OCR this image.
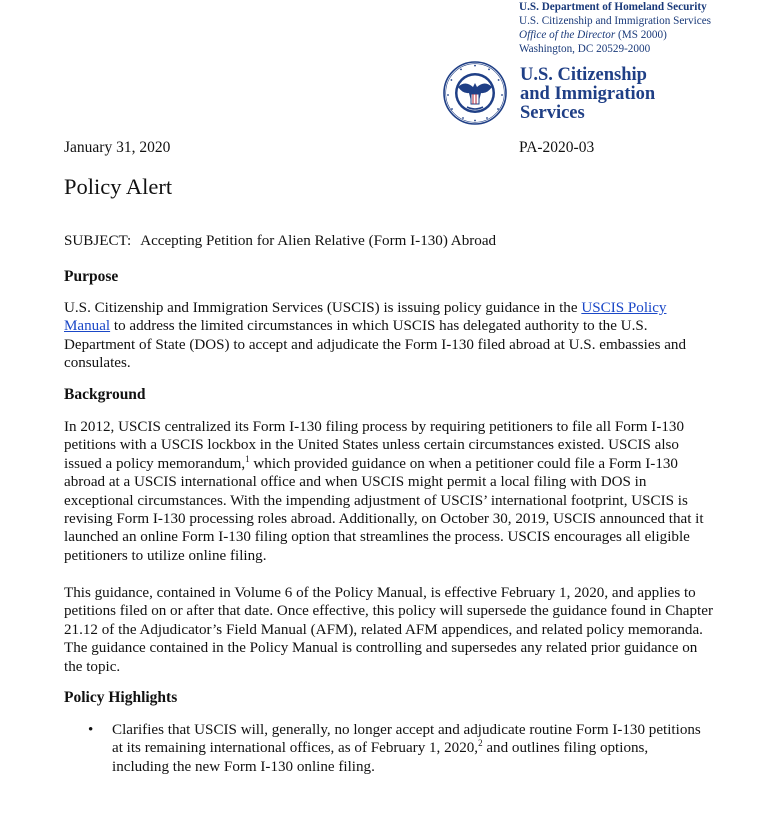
U.S. Department of Homeland Security
U.S. Citizenship and Immigration Services
Office of the Director (MS 2000)
Washington, DC 20529-2000
U.S. Citizenship
and Immigration
Services
January 31, 2020	PA-2020-03
Policy Alert
SUBJECT: Accepting Petition for Alien Relative (Form I-130) Abroad
Purpose
U.S. Citizenship and Immigration Services (USCIS) is issuing policy guidance in the USCIS Policy Manual to address the limited circumstances in which USCIS has delegated authority to the U.S. Department of State (DOS) to accept and adjudicate the Form I-130 filed abroad at U.S. embassies and consulates.
Background
In 2012, USCIS centralized its Form I-130 filing process by requiring petitioners to file all Form I-130 petitions with a USCIS lockbox in the United States unless certain circumstances existed. USCIS also issued a policy memorandum,$^1$ which provided guidance on when a petitioner could file a Form I-130 abroad at a USCIS international office and when USCIS might permit a local filing with DOS in exceptional circumstances. With the impending adjustment of USCIS’ international footprint, USCIS is revising Form I-130 processing roles abroad. Additionally, on October 30, 2019, USCIS announced that it launched an online Form I-130 filing option that streamlines the process. USCIS encourages all eligible petitioners to utilize online filing.
This guidance, contained in Volume 6 of the Policy Manual, is effective February 1, 2020, and applies to petitions filed on or after that date. Once effective, this policy will supersede the guidance found in Chapter 21.12 of the Adjudicator’s Field Manual (AFM), related AFM appendices, and related policy memoranda. The guidance contained in the Policy Manual is controlling and supersedes any related prior guidance on the topic.
Policy Highlights
• Clarifies that USCIS will, generally, no longer accept and adjudicate routine Form I-130 petitions at its remaining international offices, as of February 1, 2020,$^2$ and outlines filing options, including the new Form I-130 online filing.
